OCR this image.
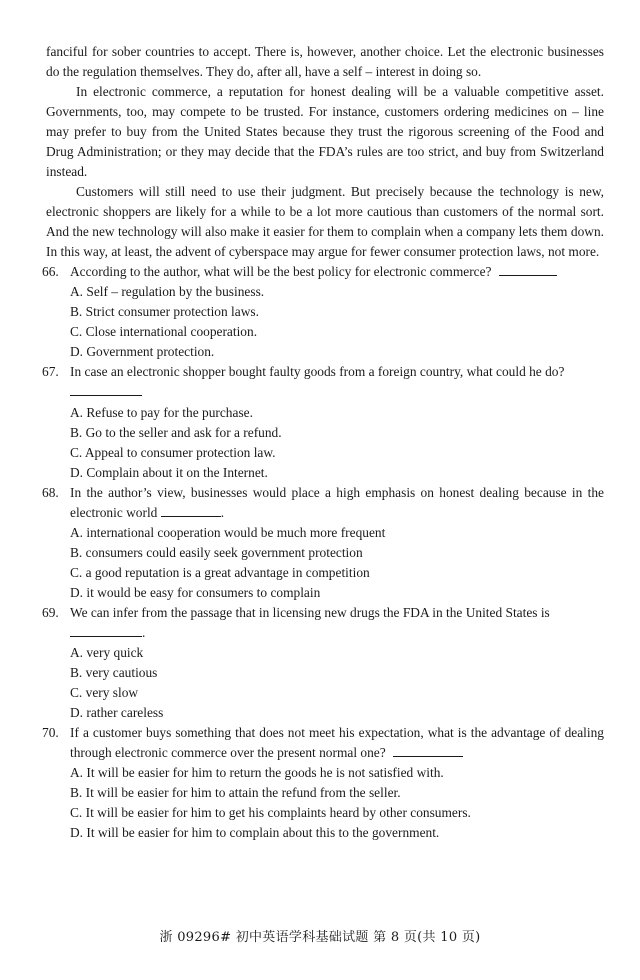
fanciful for sober countries to accept. There is, however, another choice. Let the electronic businesses do the regulation themselves. They do, after all, have a self – interest in doing so.

In electronic commerce, a reputation for honest dealing will be a valuable competitive asset. Governments, too, may compete to be trusted. For instance, customers ordering medicines on – line may prefer to buy from the United States because they trust the rigorous screening of the Food and Drug Administration; or they may decide that the FDA’s rules are too strict, and buy from Switzerland instead.

Customers will still need to use their judgment. But precisely because the technology is new, electronic shoppers are likely for a while to be a lot more cautious than customers of the normal sort. And the new technology will also make it easier for them to complain when a company lets them down. In this way, at least, the advent of cyberspace may argue for fewer consumer protection laws, not more.

66. According to the author, what will be the best policy for electronic commerce?

A. Self – regulation by the business.
B. Strict consumer protection laws.
C. Close international cooperation.
D. Government protection.

67. In case an electronic shopper bought faulty goods from a foreign country, what could he do?

A. Refuse to pay for the purchase.
B. Go to the seller and ask for a refund.
C. Appeal to consumer protection law.
D. Complain about it on the Internet.

68. In the author’s view, businesses would place a high emphasis on honest dealing because in the electronic world	.

A. international cooperation would be much more frequent
B. consumers could easily seek government protection
C. a good reputation is a great advantage in competition
D. it would be easy for consumers to complain

69. We can infer from the passage that in licensing new drugs the FDA in the United States is
.

A. very quick
B. very cautious
C. very slow
D. rather careless

70. If a customer buys something that does not meet his expectation, what is the advantage of dealing through electronic commerce over the present normal one?

A. It will be easier for him to return the goods he is not satisfied with.
B. It will be easier for him to attain the refund from the seller.
C. It will be easier for him to get his complaints heard by other consumers.
D. It will be easier for him to complain about this to the government.
浙 09296# 初中英语学科基础试题 第 8 页(共 10 页)
